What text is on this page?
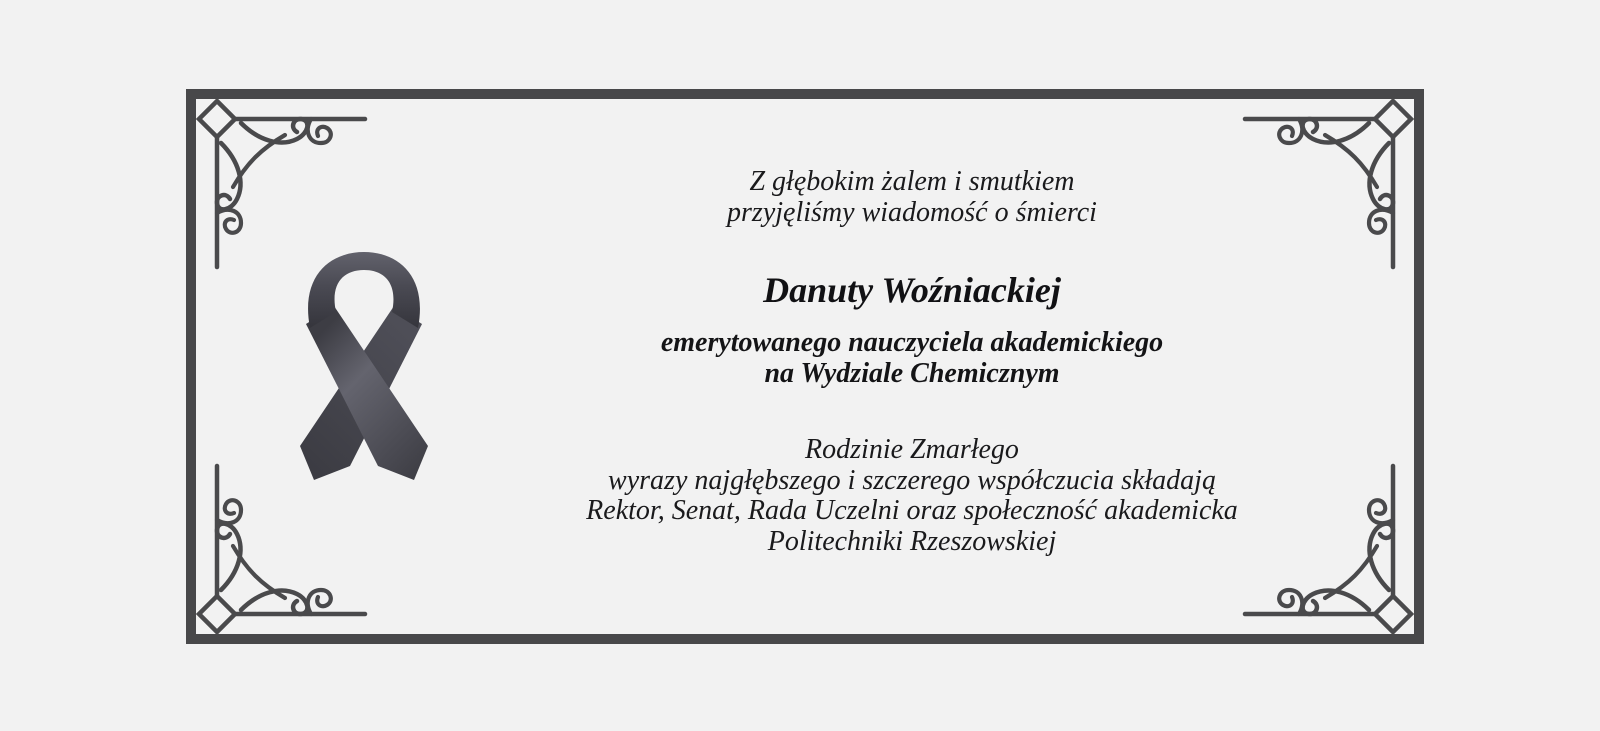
Z głębokim żalem i smutkiem
przyjęliśmy wiadomość o śmierci

Danuty Woźniackiej

emerytowanego nauczyciela akademickiego
na Wydziale Chemicznym

Rodzinie Zmarłego
wyrazy najgłębszego i szczerego współczucia składają
Rektor, Senat, Rada Uczelni oraz społeczność akademicka
Politechniki Rzeszowskiej
